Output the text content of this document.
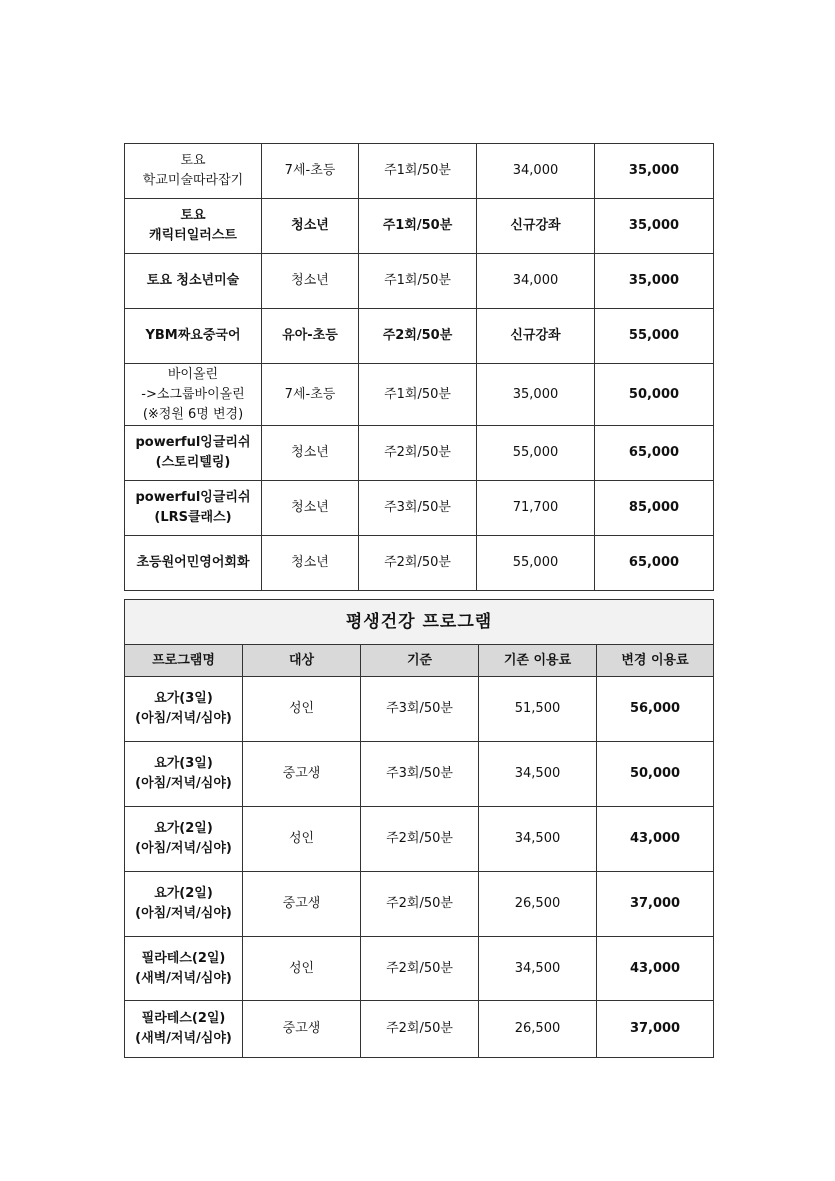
토요
학교미술따라잡기	7세-초등	주1회/50분	34,000	35,000

토요
캐릭터일러스트	청소년	주1회/50분	신규강좌	35,000

토요 청소년미술	청소년	주1회/50분	34,000	35,000

YBM짜요중국어	유아-초등	주2회/50분	신규강좌	55,000

바이올린
->소그룹바이올린
(※정원 6명 변경)	7세-초등	주1회/50분	35,000	50,000

powerful잉글리쉬
(스토리텔링)	청소년	주2회/50분	55,000	65,000

powerful잉글리쉬
(LRS클래스)	청소년	주3회/50분	71,700	85,000

초등원어민영어회화	청소년	주2회/50분	55,000	65,000
평생건강 프로그램				
프로그램명	대상	기준	기존 이용료	변경 이용료

요가(3일)
(아침/저녁/심야)	성인	주3회/50분	51,500	56,000

요가(3일)
(아침/저녁/심야)	중고생	주3회/50분	34,500	50,000

요가(2일)
(아침/저녁/심야)	성인	주2회/50분	34,500	43,000

요가(2일)
(아침/저녁/심야)	중고생	주2회/50분	26,500	37,000

필라테스(2일)
(새벽/저녁/심야)	성인	주2회/50분	34,500	43,000

필라테스(2일)
(새벽/저녁/심야)	중고생	주2회/50분	26,500	37,000
